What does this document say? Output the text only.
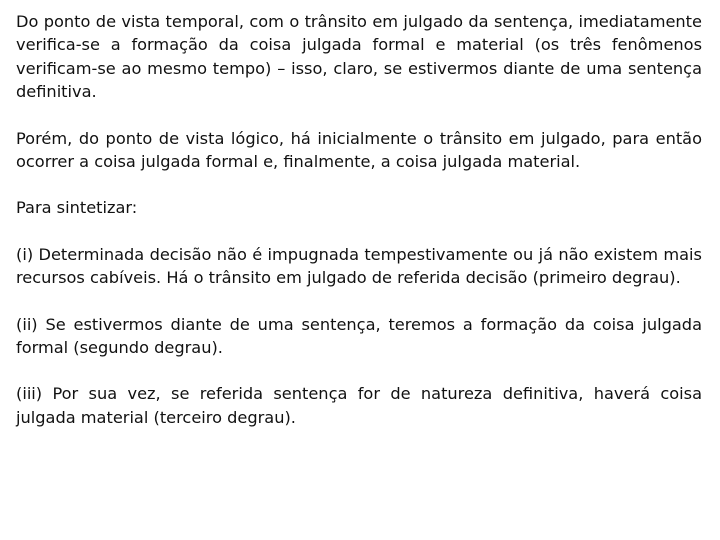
Do ponto de vista temporal, com o trânsito em julgado da sentença, imediatamente verifica-se a formação da coisa julgada formal e material (os três fenômenos verificam-se ao mesmo tempo) – isso, claro, se estivermos diante de uma sentença definitiva.

Porém, do ponto de vista lógico, há inicialmente o trânsito em julgado, para então ocorrer a coisa julgada formal e, finalmente, a coisa julgada material.

Para sintetizar:

(i) Determinada decisão não é impugnada tempestivamente ou já não existem mais recursos cabíveis. Há o trânsito em julgado de referida decisão (primeiro degrau).

(ii) Se estivermos diante de uma sentença, teremos a formação da coisa julgada formal (segundo degrau).

(iii) Por sua vez, se referida sentença for de natureza definitiva, haverá coisa julgada material (terceiro degrau).
